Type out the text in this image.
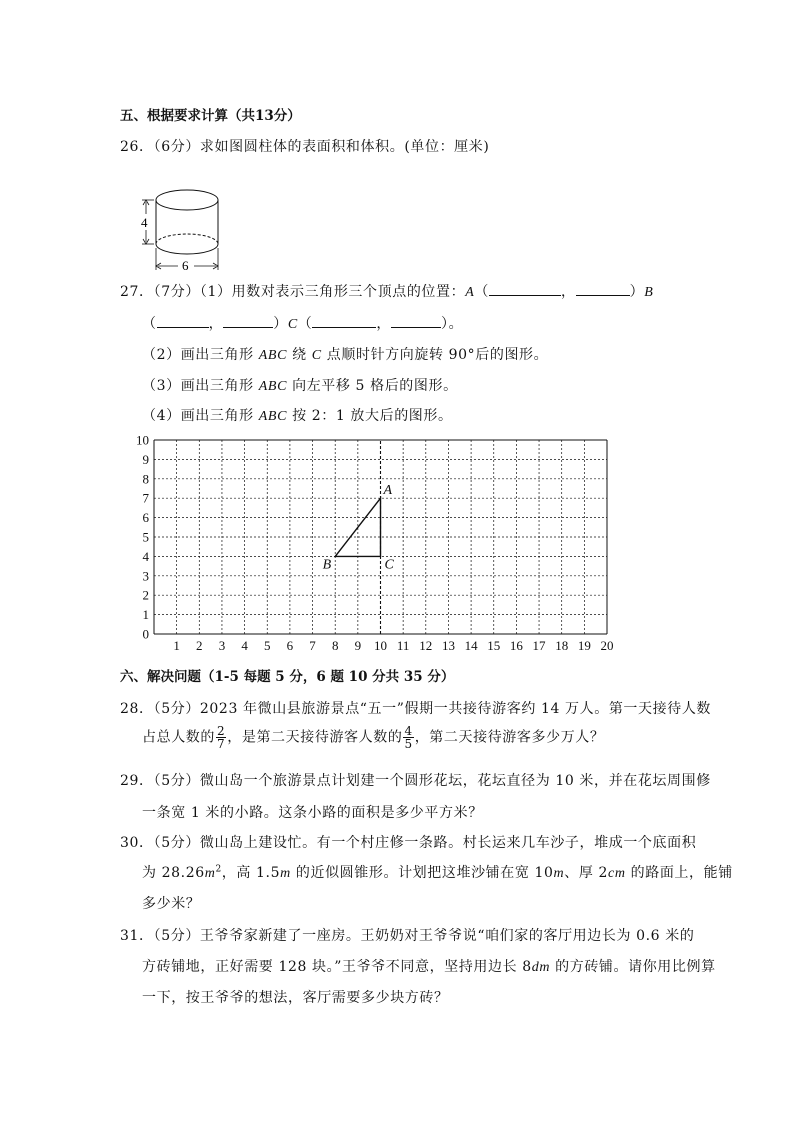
五、根据要求计算（共13分）
26．（6分）求如图圆柱体的表面积和体积。(单位：厘米)
4
6
27．（7分）（1）用数对表示三角形三个顶点的位置：A（	，	）B
（	，	）C（	，	）。
（2）画出三角形 ABC 绕 C 点顺时针方向旋转 90°后的图形。
（3）画出三角形 ABC 向左平移 5 格后的图形。
（4）画出三角形 ABC 按 2：1 放大后的图形。
1 2 3 4 5 6 7 8 9 10 11 12 13 14 15 16 17 18 19 20
0
1
2
3
4
5
6
7
8
9
10
A
B	C
六、解决问题（1-5 每题 5 分，6 题 10 分共 35 分）
28．（5分）2023 年微山县旅游景点“五一”假期一共接待游客约 14 万人。第一天接待人数
占总人数的 $\frac{2}{7}$ ，是第二天接待游客人数的 $\frac{4}{5}$ ，第二天接待游客多少万人？
29．（5分）微山岛一个旅游景点计划建一个圆形花坛，花坛直径为 10 米，并在花坛周围修
一条宽 1 米的小路。这条小路的面积是多少平方米？
30．（5分）微山岛上建设忙。有一个村庄修一条路。村长运来几车沙子，堆成一个底面积
为 $28.26m^2$，高 1.5m 的近似圆锥形。计划把这堆沙铺在宽 10m、厚 2cm 的路面上，能铺
多少米？
31．（5分）王爷爷家新建了一座房。王奶奶对王爷爷说“咱们家的客厅用边长为 0.6 米的
方砖铺地，正好需要 128 块。”王爷爷不同意，坚持用边长 8dm 的方砖铺。请你用比例算
一下，按王爷爷的想法，客厅需要多少块方砖？
